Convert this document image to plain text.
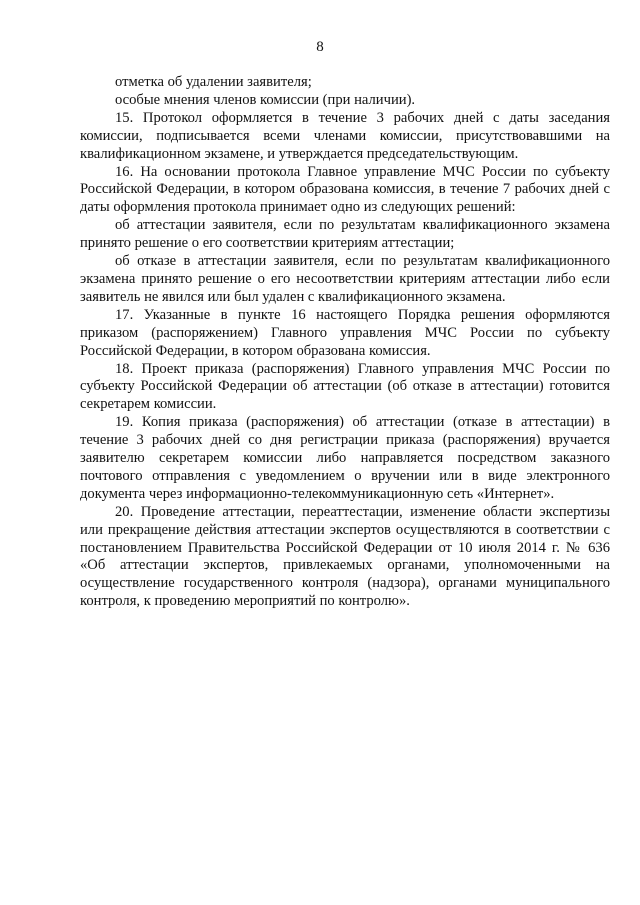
8

отметка об удалении заявителя;

особые мнения членов комиссии (при наличии).

15. Протокол оформляется в течение 3 рабочих дней с даты заседания комиссии, подписывается всеми членами комиссии, присутствовавшими на квалификационном экзамене, и утверждается председательствующим.

16. На основании протокола Главное управление МЧС России по субъекту Российской Федерации, в котором образована комиссия, в течение 7 рабочих дней с даты оформления протокола принимает одно из следующих решений:

об аттестации заявителя, если по результатам квалификационного экзамена принято решение о его соответствии критериям аттестации;

об отказе в аттестации заявителя, если по результатам квалификационного экзамена принято решение о его несоответствии критериям аттестации либо если заявитель не явился или был удален с квалификационного экзамена.

17. Указанные в пункте 16 настоящего Порядка решения оформляются приказом (распоряжением) Главного управления МЧС России по субъекту Российской Федерации, в котором образована комиссия.

18. Проект приказа (распоряжения) Главного управления МЧС России по субъекту Российской Федерации об аттестации (об отказе в аттестации) готовится секретарем комиссии.

19. Копия приказа (распоряжения) об аттестации (отказе в аттестации) в течение 3 рабочих дней со дня регистрации приказа (распоряжения) вручается заявителю секретарем комиссии либо направляется посредством заказного почтового отправления с уведомлением о вручении или в виде электронного документа через информационно-телекоммуникационную сеть «Интернет».

20. Проведение аттестации, переаттестации, изменение области экспертизы или прекращение действия аттестации экспертов осуществляются в соответствии с постановлением Правительства Российской Федерации от 10 июля 2014 г. № 636 «Об аттестации экспертов, привлекаемых органами, уполномоченными на осуществление государственного контроля (надзора), органами муниципального контроля, к проведению мероприятий по контролю».
